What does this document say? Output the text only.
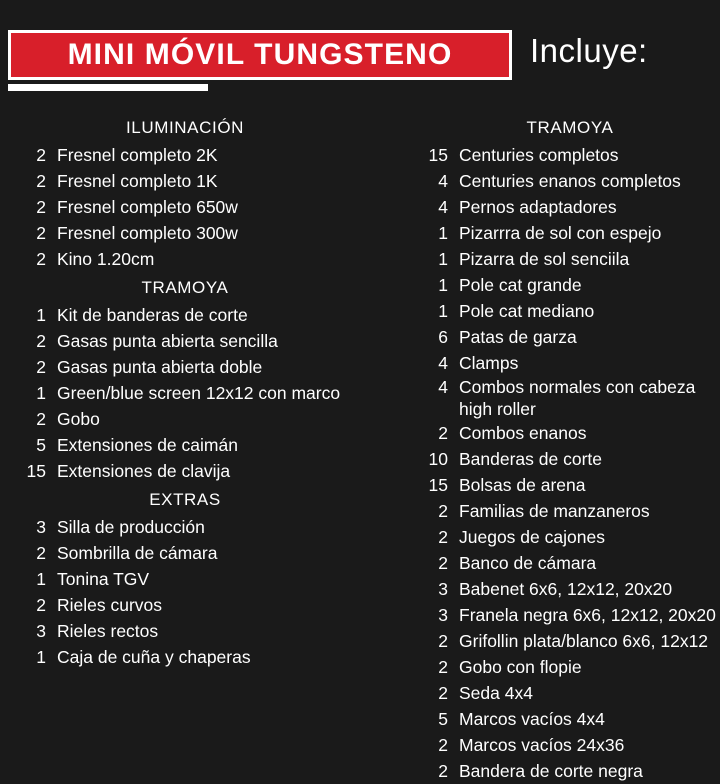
MINI MÓVIL TUNGSTENO Incluye:
ILUMINACIÓN
2 Fresnel completo 2K
2 Fresnel completo 1K
2 Fresnel completo 650w
2 Fresnel completo 300w
2 Kino 1.20cm
TRAMOYA
1 Kit de banderas de corte
2 Gasas punta abierta sencilla
2 Gasas punta abierta doble
1 Green/blue screen 12x12 con marco
2 Gobo
5 Extensiones de caimán
15 Extensiones de clavija
EXTRAS
3 Silla de producción
2 Sombrilla de cámara
1 Tonina TGV
2 Rieles curvos
3 Rieles rectos
1 Caja de cuña y chaperas
TRAMOYA
15 Centuries completos
4 Centuries enanos completos
4 Pernos adaptadores
1 Pizarrra de sol con espejo
1 Pizarra de sol senciila
1 Pole cat grande
1 Pole cat mediano
6 Patas de garza
4 Clamps
4 Combos normales con cabeza high roller
2 Combos enanos
10 Banderas de corte
15 Bolsas de arena
2 Familias de manzaneros
2 Juegos de cajones
2 Banco de cámara
3 Babenet 6x6, 12x12, 20x20
3 Franela negra 6x6, 12x12, 20x20
2 Grifollin plata/blanco 6x6, 12x12
2 Gobo con flopie
2 Seda 4x4
5 Marcos vacíos 4x4
2 Marcos vacíos 24x36
2 Bandera de corte negra
